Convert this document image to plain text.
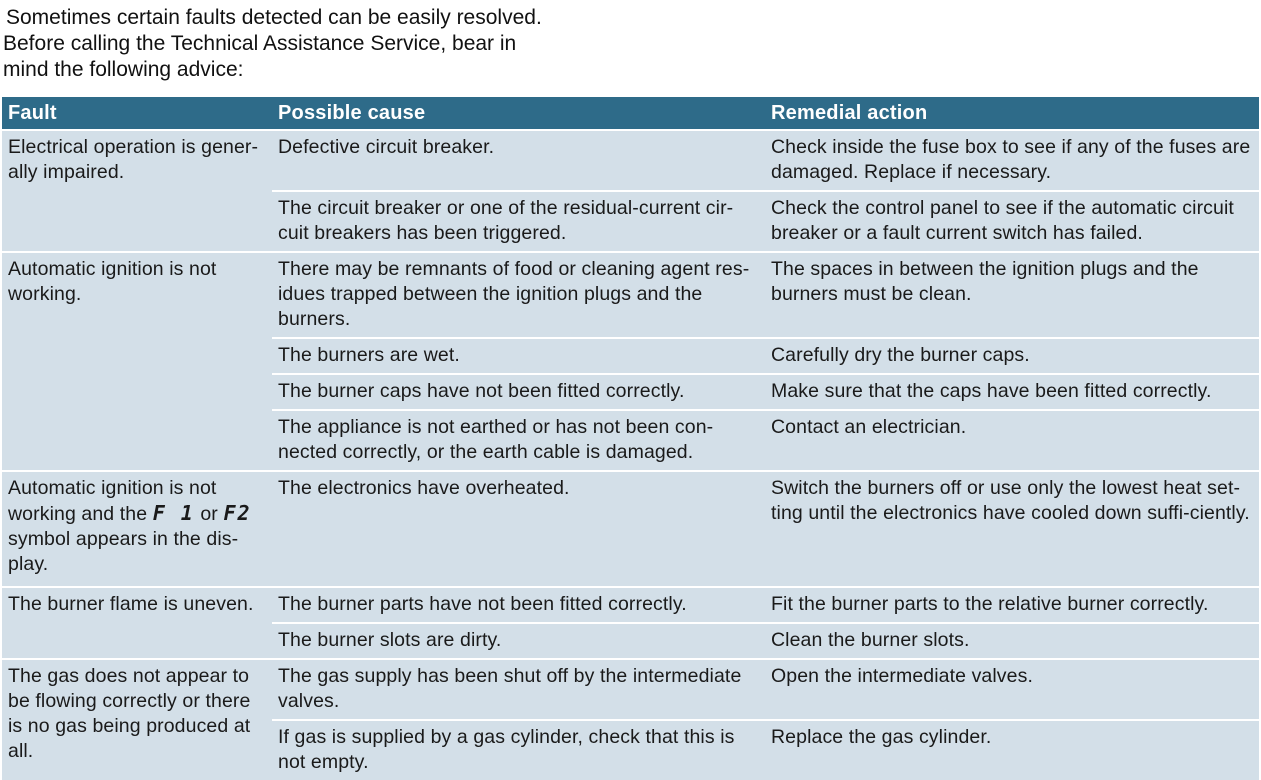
Sometimes certain faults detected can be easily resolved.
Before calling the Technical Assistance Service, bear in
mind the following advice:
Fault	Possible cause	Remedial action
Electrical operation is gener-ally impaired.	Defective circuit breaker.	Check inside the fuse box to see if any of the fuses are damaged. Replace if necessary.
	The circuit breaker or one of the residual-current cir-cuit breakers has been triggered.	Check the control panel to see if the automatic circuit breaker or a fault current switch has failed.
Automatic ignition is not working.	There may be remnants of food or cleaning agent res-idues trapped between the ignition plugs and the burners.	The spaces in between the ignition plugs and the burners must be clean.
	The burners are wet.	Carefully dry the burner caps.
	The burner caps have not been fitted correctly.	Make sure that the caps have been fitted correctly.
	The appliance is not earthed or has not been con-nected correctly, or the earth cable is damaged.	Contact an electrician.
Automatic ignition is not working and the F 1 or F2 symbol appears in the dis-play.	The electronics have overheated.	Switch the burners off or use only the lowest heat set-ting until the electronics have cooled down suffi-ciently.
The burner flame is uneven.	The burner parts have not been fitted correctly.	Fit the burner parts to the relative burner correctly.
	The burner slots are dirty.	Clean the burner slots.
The gas does not appear to be flowing correctly or there is no gas being produced at all.	The gas supply has been shut off by the intermediate valves.	Open the intermediate valves.
	If gas is supplied by a gas cylinder, check that this is not empty.	Replace the gas cylinder.
